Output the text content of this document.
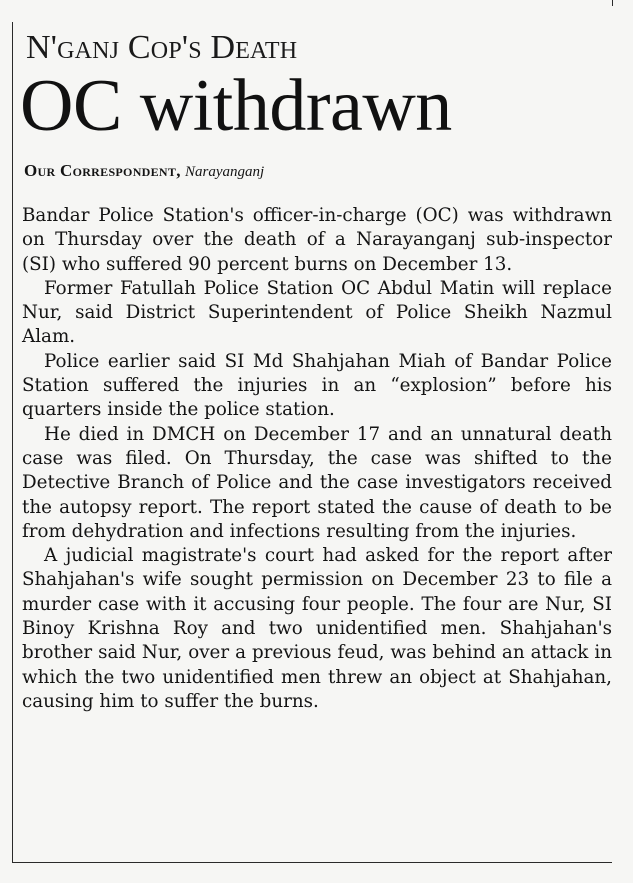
N'ganj Cop's Death
OC withdrawn
Our Correspondent, Narayanganj

Bandar Police Station's officer-in-charge (OC) was withdrawn on Thursday over the death of a Narayanganj sub-inspector (SI) who suffered 90 percent burns on December 13.

Former Fatullah Police Station OC Abdul Matin will replace Nur, said District Superintendent of Police Sheikh Nazmul Alam.

Police earlier said SI Md Shahjahan Miah of Bandar Police Station suffered the injuries in an “explosion” before his quarters inside the police station.

He died in DMCH on December 17 and an unnatural death case was filed. On Thursday, the case was shifted to the Detective Branch of Police and the case investigators received the autopsy report. The report stated the cause of death to be from dehydration and infections resulting from the injuries.

A judicial magistrate's court had asked for the report after Shahjahan's wife sought permission on December 23 to file a murder case with it accusing four people. The four are Nur, SI Binoy Krishna Roy and two unidentified men. Shahjahan's brother said Nur, over a previous feud, was behind an attack in which the two unidentified men threw an object at Shahjahan, causing him to suffer the burns.
